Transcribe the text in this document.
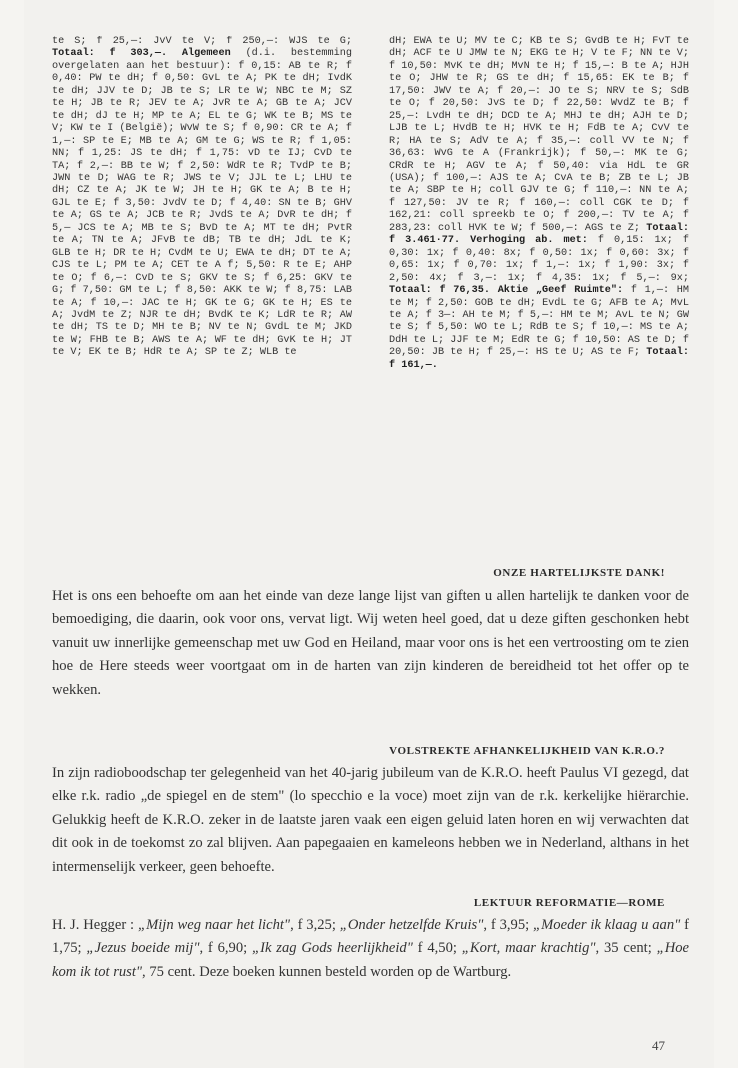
te S; f 25,—: JvV te V; f 250,—: WJS te G; Totaal: f 303,—. Algemeen (d.i. bestemming overgelaten aan het bestuur): f 0,15: AB te R; f 0,40: PW te dH; f 0,50: GvL te A; PK te dH; IvdK te dH; JJV te D; JB te S; LR te W; NBC te M; SZ te H; JB te R; JEV te A; JvR te A; GB te A; JCV te dH; dJ te H; MP te A; EL te G; WK te B; MS te V; KW te I (België); WvW te S; f 0,90: CR te A; f 1,—: SP te E; MB te A; GM te G; WS te R; f 1,05: NN; f 1,25: JS te dH; f 1,75: vD te IJ; CvD te TA; f 2,—: BB te W; f 2,50: WdR te R; TvdP te B; JWN te D; WAG te R; JWS te V; JJL te L; LHU te dH; CZ te A; JK te W; JH te H; GK te A; B te H; GJL te E; f 3,50: JvdV te D; f 4,40: SN te B; GHV te A; GS te A; JCB te R; JvdS te A; DvR te dH; f 5,— JCS te A; MB te S; BvD te A; MT te dH; PvtR te A; TN te A; JFvB te dB; TB te dH; JdL te K; GLB te H; DR te H; CvdM te U; EWA te dH; DT te A; CJS te L; PM te A; CET te A f; 5,50: R te E; AHP te O; f 6,—: CvD te S; GKV te S; f 6,25: GKV te G; f 7,50: GM te L; f 8,50: AKK te W; f 8,75: LAB te A; f 10,—: JAC te H; GK te G; GK te H; ES te A; JvdM te Z; NJR te dH; BvdK te K; LdR te R; AW te dH; TS te D; MH te B; NV te N; GvdL te M; JKD te W; FHB te B; AWS te A; WF te dH; GvK te H; JT te V; EK te B; HdR te A; SP te Z; WLB te

dH; EWA te U; MV te C; KB te S; GvdB te H; FvT te dH; ACF te U JMW te N; EKG te H; V te F; NN te V; f 10,50: MvK te dH; MvN te H; f 15,—: B te A; HJH te O; JHW te R; GS te dH; f 15,65: EK te B; f 17,50: JWV te A; f 20,—: JO te S; NRV te S; SdB te O; f 20,50: JvS te D; f 22,50: WvdZ te B; f 25,—: LvdH te dH; DCD te A; MHJ te dH; AJH te D; LJB te L; HvdB te H; HVK te H; FdB te A; CvV te R; HA te S; AdV te A; f 35,—: coll VV te N; f 36,63: WvG te A (Frankrijk); f 50,—: MK te G; CRdR te H; AGV te A; f 50,40: via HdL te GR (USA); f 100,—: AJS te A; CvA te B; ZB te L; JB te A; SBP te H; coll GJV te G; f 110,—: NN te A; f 127,50: JV te R; f 160,—: coll CGK te D; f 162,21: coll spreekb te O; f 200,—: TV te A; f 283,23: coll HVK te W; f 500,—: AGS te Z; Totaal: f 3.461·77. Verhoging ab. met: f 0,15: 1x; f 0,30: 1x; f 0,40: 8x; f 0,50: 1x; f 0,60: 3x; f 0,65: 1x; f 0,70: 1x; f 1,—: 1x; f 1,90: 3x; f 2,50: 4x; f 3,—: 1x; f 4,35: 1x; f 5,—: 9x; Totaal: f 76,35. Aktie „Geef Ruimte": f 1,—: HM te M; f 2,50: GOB te dH; EvdL te G; AFB te A; MvL te A; f 3—: AH te M; f 5,—: HM te M; AvL te N; GW te S; f 5,50: WO te L; RdB te S; f 10,—: MS te A; DdH te L; JJF te M; EdR te G; f 10,50: AS te D; f 20,50: JB te H; f 25,—: HS te U; AS te F; Totaal: f 161,—.

ONZE HARTELIJKSTE DANK!

Het is ons een behoefte om aan het einde van deze lange lijst van giften u allen hartelijk te danken voor de bemoediging, die daarin, ook voor ons, vervat ligt. Wij weten heel goed, dat u deze giften geschonken hebt vanuit uw innerlijke gemeenschap met uw God en Heiland, maar voor ons is het een vertroosting om te zien hoe de Here steeds weer voortgaat om in de harten van zijn kinderen de bereidheid tot het offer op te wekken.

VOLSTREKTE AFHANKELIJKHEID VAN K.R.O.?

In zijn radioboodschap ter gelegenheid van het 40-jarig jubileum van de K.R.O. heeft Paulus VI gezegd, dat elke r.k. radio „de spiegel en de stem" (lo specchio e la voce) moet zijn van de r.k. kerkelijke hiërarchie. Gelukkig heeft de K.R.O. zeker in de laatste jaren vaak een eigen geluid laten horen en wij verwachten dat dit ook in de toekomst zo zal blijven. Aan papegaaien en kameleons hebben we in Nederland, althans in het intermenselijk verkeer, geen behoefte.

LEKTUUR REFORMATIE—ROME

H. J. Hegger : „Mijn weg naar het licht", f 3,25; „Onder hetzelfde Kruis", f 3,95; „Moeder ik klaag u aan" f 1,75; „Jezus boeide mij", f 6,90; „Ik zag Gods heerlijkheid" f 4,50; „Kort, maar krachtig", 35 cent; „Hoe kom ik tot rust", 75 cent. Deze boeken kunnen besteld worden op de Wartburg.

47
